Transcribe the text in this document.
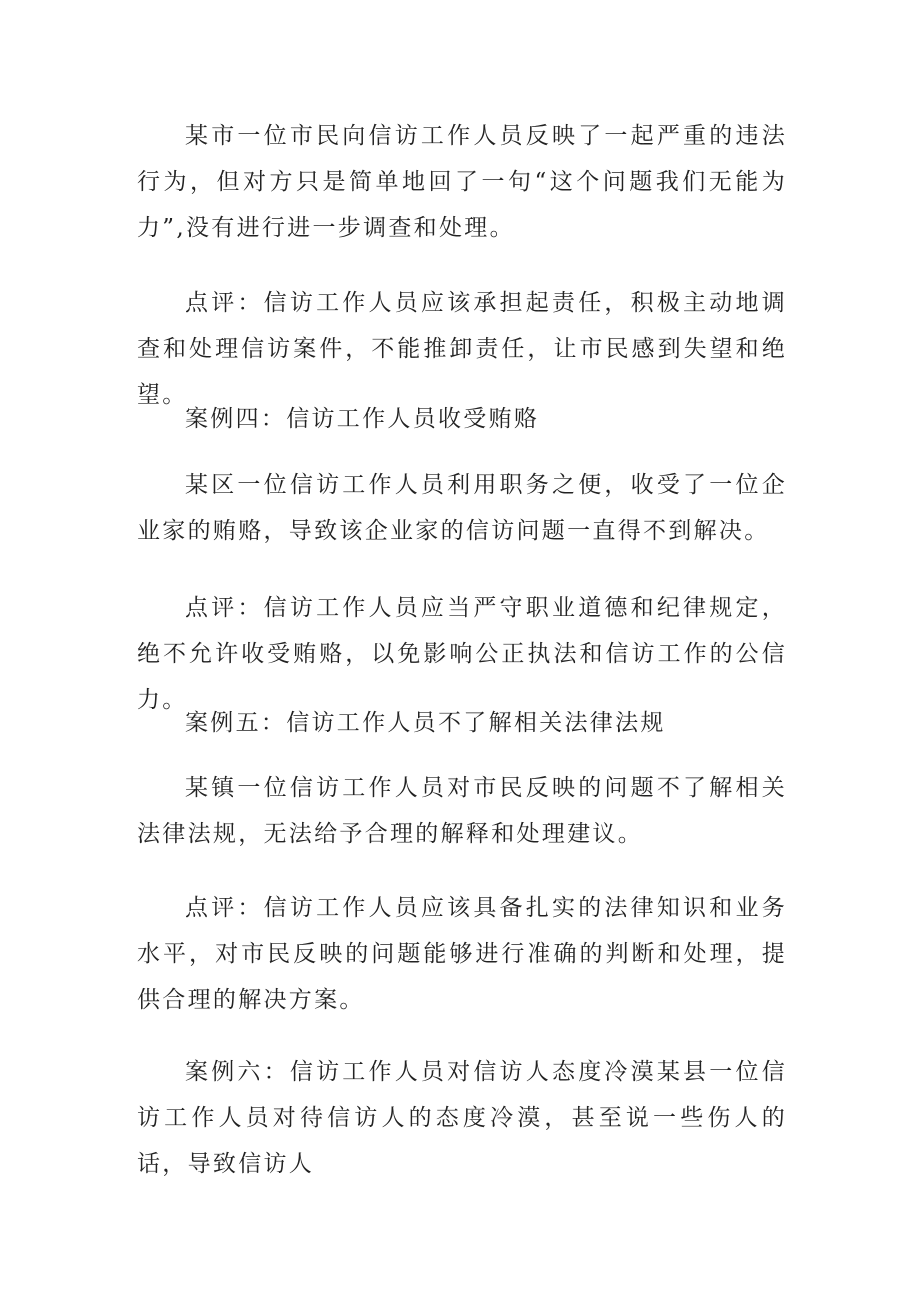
某市一位市民向信访工作人员反映了一起严重的违法行为，但对方只是简单地回了一句“这个问题我们无能为力”,没有进行进一步调查和处理。

点评：信访工作人员应该承担起责任，积极主动地调查和处理信访案件，不能推卸责任，让市民感到失望和绝望。

案例四：信访工作人员收受贿赂

某区一位信访工作人员利用职务之便，收受了一位企业家的贿赂，导致该企业家的信访问题一直得不到解决。

点评：信访工作人员应当严守职业道德和纪律规定，绝不允许收受贿赂，以免影响公正执法和信访工作的公信力。

案例五：信访工作人员不了解相关法律法规

某镇一位信访工作人员对市民反映的问题不了解相关法律法规，无法给予合理的解释和处理建议。

点评：信访工作人员应该具备扎实的法律知识和业务水平，对市民反映的问题能够进行准确的判断和处理，提供合理的解决方案。

案例六：信访工作人员对信访人态度冷漠某县一位信访工作人员对待信访人的态度冷漠，甚至说一些伤人的话，导致信访人
